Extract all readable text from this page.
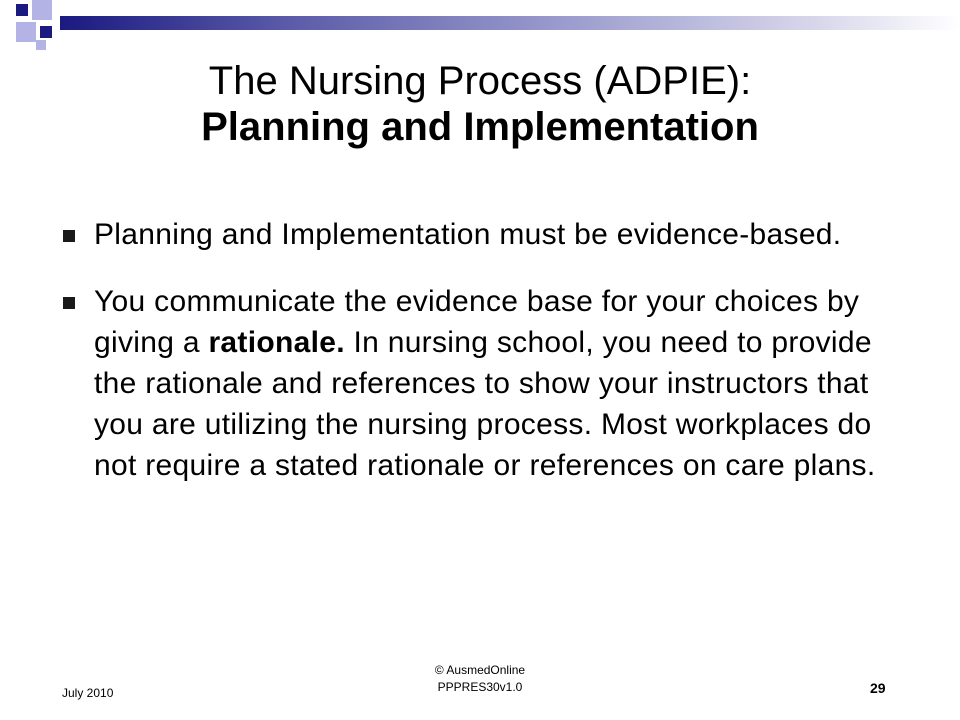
The Nursing Process (ADPIE):
Planning and Implementation
Planning and Implementation must be evidence-based.
You communicate the evidence base for your choices by giving a rationale. In nursing school, you need to provide the rationale and references to show your instructors that you are utilizing the nursing process. Most workplaces do not require a stated rationale or references on care plans.
July 2010
© AusmedOnline
PPPRES30v1.0	29
